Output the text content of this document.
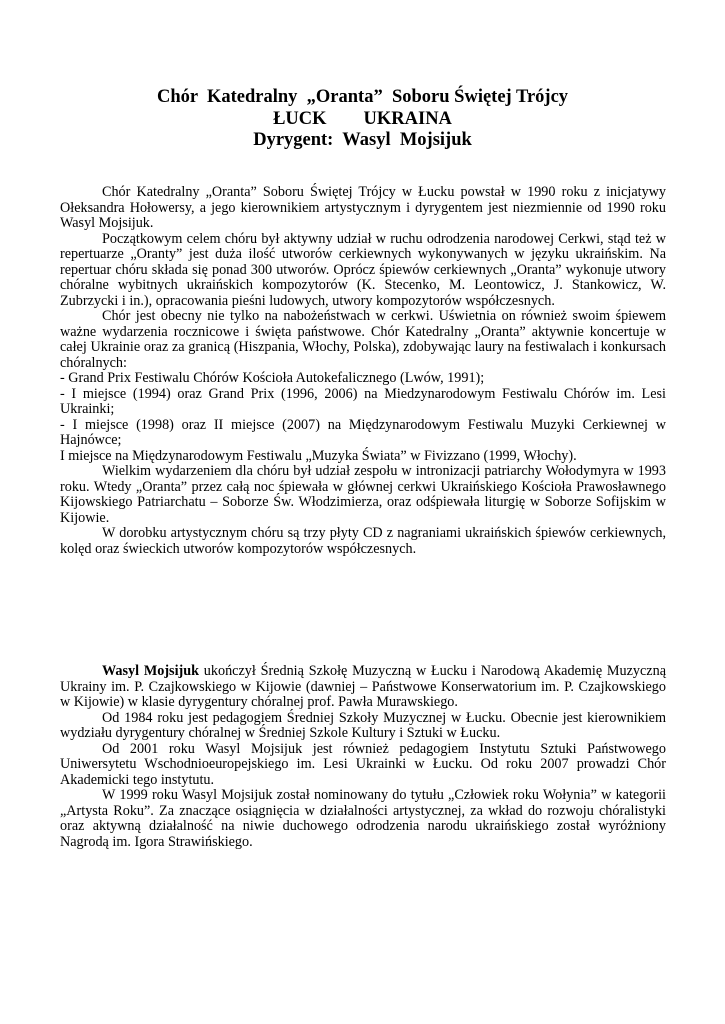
Chór  Katedralny  „Oranta”  Soboru Świętej Trójcy
ŁUCK        UKRAINA
Dyrygent:  Wasyl  Mojsijuk

Chór Katedralny „Oranta” Soboru Świętej Trójcy w Łucku powstał w 1990 roku z inicjatywy Ołeksandra Hołowersy, a jego kierownikiem artystycznym i dyrygentem jest niezmiennie od 1990 roku Wasyl Mojsijuk.

Początkowym celem chóru był aktywny udział w ruchu odrodzenia narodowej Cerkwi, stąd też w repertuarze „Oranty” jest duża ilość utworów cerkiewnych wykonywanych w języku ukraińskim. Na repertuar chóru składa się ponad 300 utworów. Oprócz śpiewów cerkiewnych „Oranta” wykonuje utwory chóralne wybitnych ukraińskich kompozytorów (K. Stecenko, M. Leontowicz, J. Stankowicz, W. Zubrzycki i in.), opracowania pieśni ludowych, utwory kompozytorów współczesnych.

Chór jest obecny nie tylko na nabożeństwach w cerkwi. Uświetnia on również swoim śpiewem ważne wydarzenia rocznicowe i święta państwowe. Chór Katedralny „Oranta” aktywnie koncertuje w całej Ukrainie oraz za granicą (Hiszpania, Włochy, Polska), zdobywając laury na festiwalach i konkursach chóralnych:

- Grand Prix Festiwalu Chórów Kościoła Autokefalicznego (Lwów, 1991);

- I miejsce (1994) oraz Grand Prix (1996, 2006) na Miedzynarodowym Festiwalu Chórów im. Lesi Ukrainki;

- I miejsce (1998) oraz II miejsce (2007) na Międzynarodowym Festiwalu Muzyki Cerkiewnej w Hajnówce;

I miejsce na Międzynarodowym Festiwalu „Muzyka Świata” w Fivizzano (1999, Włochy).

Wielkim wydarzeniem dla chóru był udział zespołu w intronizacji patriarchy Wołodymyra w 1993 roku. Wtedy „Oranta” przez całą noc śpiewała w głównej cerkwi Ukraińskiego Kościoła Prawosławnego Kijowskiego Patriarchatu – Soborze Św. Włodzimierza, oraz odśpiewała liturgię w Soborze Sofijskim w Kijowie.

W dorobku artystycznym chóru są trzy płyty CD z nagraniami ukraińskich śpiewów cerkiewnych, kolęd oraz świeckich utworów kompozytorów współczesnych.

Wasyl Mojsijuk ukończył Średnią Szkołę Muzyczną w Łucku i Narodową Akademię Muzyczną Ukrainy im. P. Czajkowskiego w Kijowie (dawniej – Państwowe Konserwatorium im. P. Czajkowskiego w Kijowie) w klasie dyrygentury chóralnej prof. Pawła Murawskiego.

Od 1984 roku jest pedagogiem Średniej Szkoły Muzycznej w Łucku. Obecnie jest kierownikiem wydziału dyrygentury chóralnej w Średniej Szkole Kultury i Sztuki w Łucku.

Od 2001 roku Wasyl Mojsijuk jest również pedagogiem Instytutu Sztuki Państwowego Uniwersytetu Wschodnioeuropejskiego im. Lesi Ukrainki w Łucku. Od roku 2007 prowadzi Chór Akademicki tego instytutu.

W 1999 roku Wasyl Mojsijuk został nominowany do tytułu „Człowiek roku Wołynia” w kategorii „Artysta Roku”. Za znaczące osiągnięcia w działalności artystycznej, za wkład do rozwoju chóralistyki oraz aktywną działalność na niwie duchowego odrodzenia narodu ukraińskiego został wyróżniony Nagrodą im. Igora Strawińskiego.
